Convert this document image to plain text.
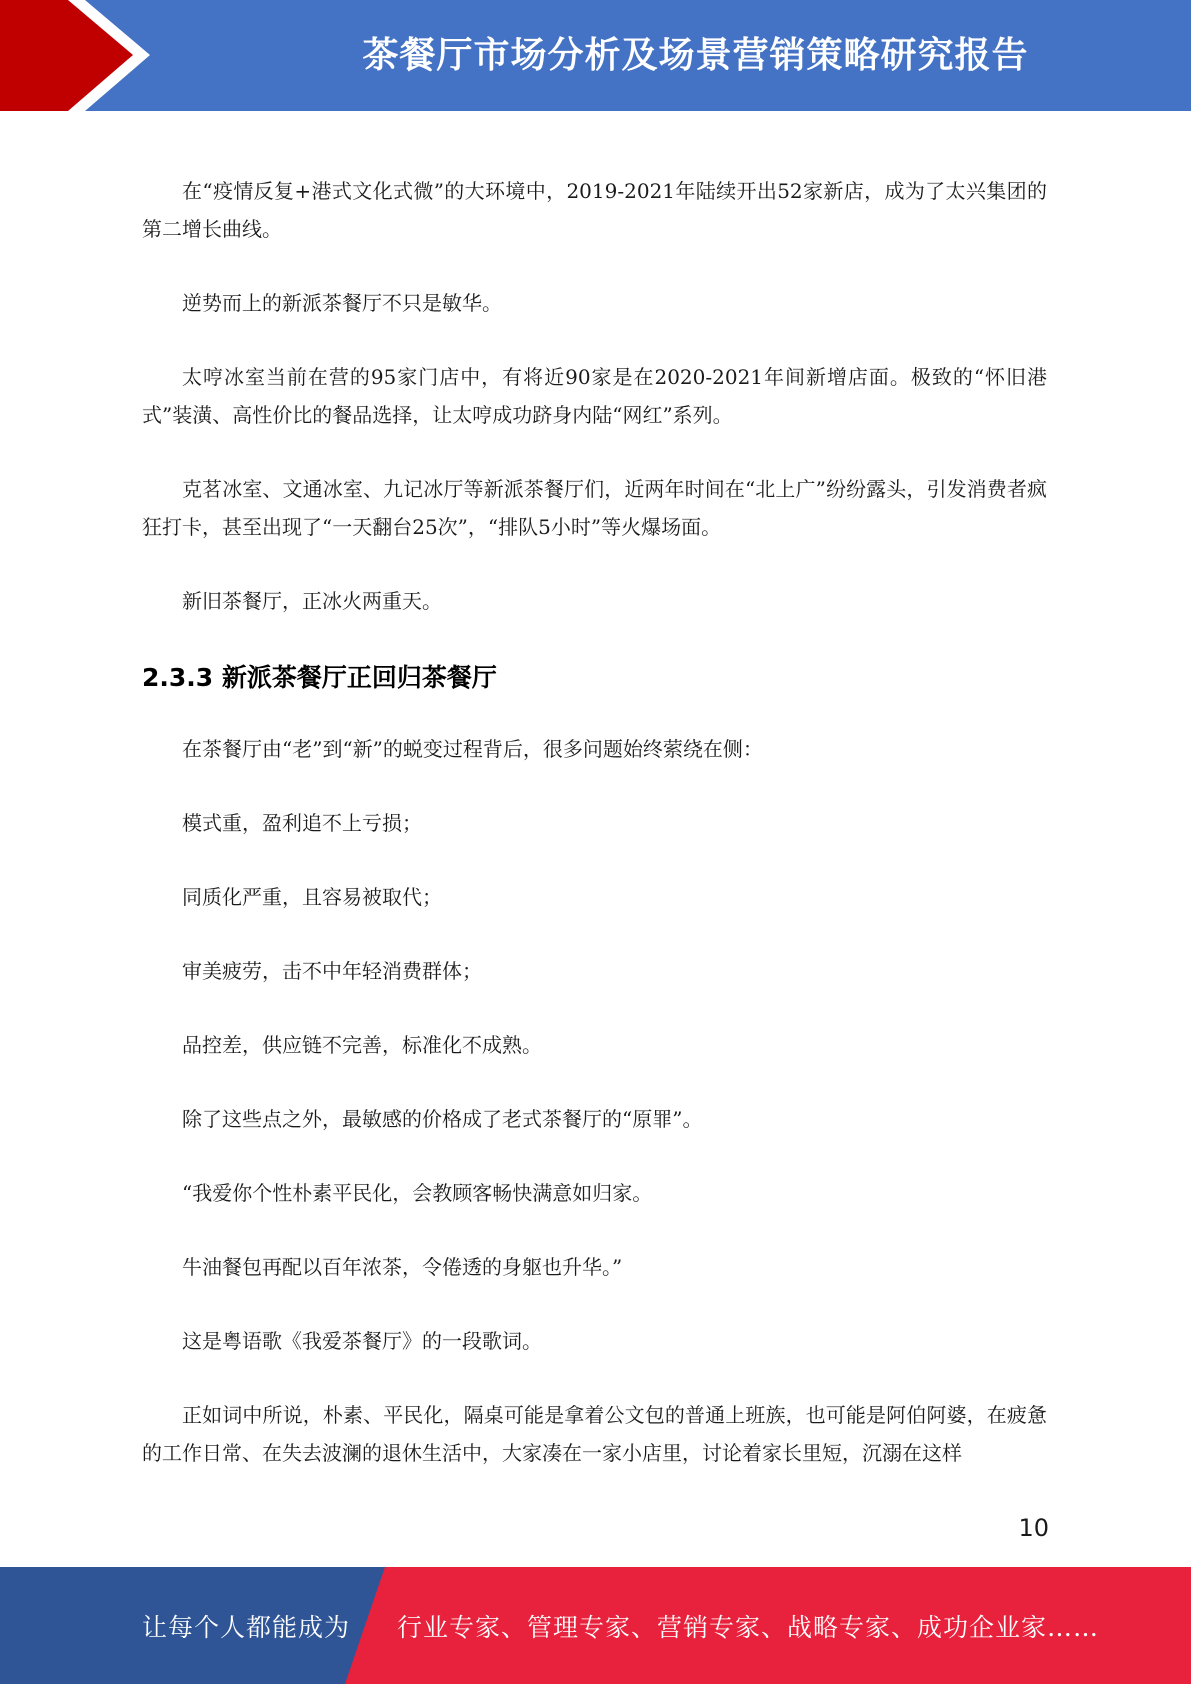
茶餐厅市场分析及场景营销策略研究报告

在“疫情反复+港式文化式微”的大环境中，2019-2021年陆续开出52家新店，成为了太兴集团的第二增长曲线。

逆势而上的新派茶餐厅不只是敏华。

太哼冰室当前在营的95家门店中，有将近90家是在2020-2021年间新增店面。极致的“怀旧港式”装潢、高性价比的餐品选择，让太哼成功跻身内陆“网红”系列。

克茗冰室、文通冰室、九记冰厅等新派茶餐厅们，近两年时间在“北上广”纷纷露头，引发消费者疯狂打卡，甚至出现了“一天翻台25次”，“排队5小时”等火爆场面。

新旧茶餐厅，正冰火两重天。

2.3.3 新派茶餐厅正回归茶餐厅

在茶餐厅由“老”到“新”的蜕变过程背后，很多问题始终萦绕在侧：

模式重，盈利追不上亏损；

同质化严重，且容易被取代；

审美疲劳，击不中年轻消费群体；

品控差，供应链不完善，标准化不成熟。

除了这些点之外，最敏感的价格成了老式茶餐厅的“原罪”。

“我爱你个性朴素平民化，会教顾客畅快满意如归家。

牛油餐包再配以百年浓茶，令倦透的身躯也升华。”

这是粤语歌《我爱茶餐厅》的一段歌词。

正如词中所说，朴素、平民化，隔桌可能是拿着公文包的普通上班族，也可能是阿伯阿婆，在疲惫的工作日常、在失去波澜的退休生活中，大家凑在一家小店里，讨论着家长里短，沉溺在这样

10
让每个人都能成为 行业专家、管理专家、营销专家、战略专家、成功企业家……
